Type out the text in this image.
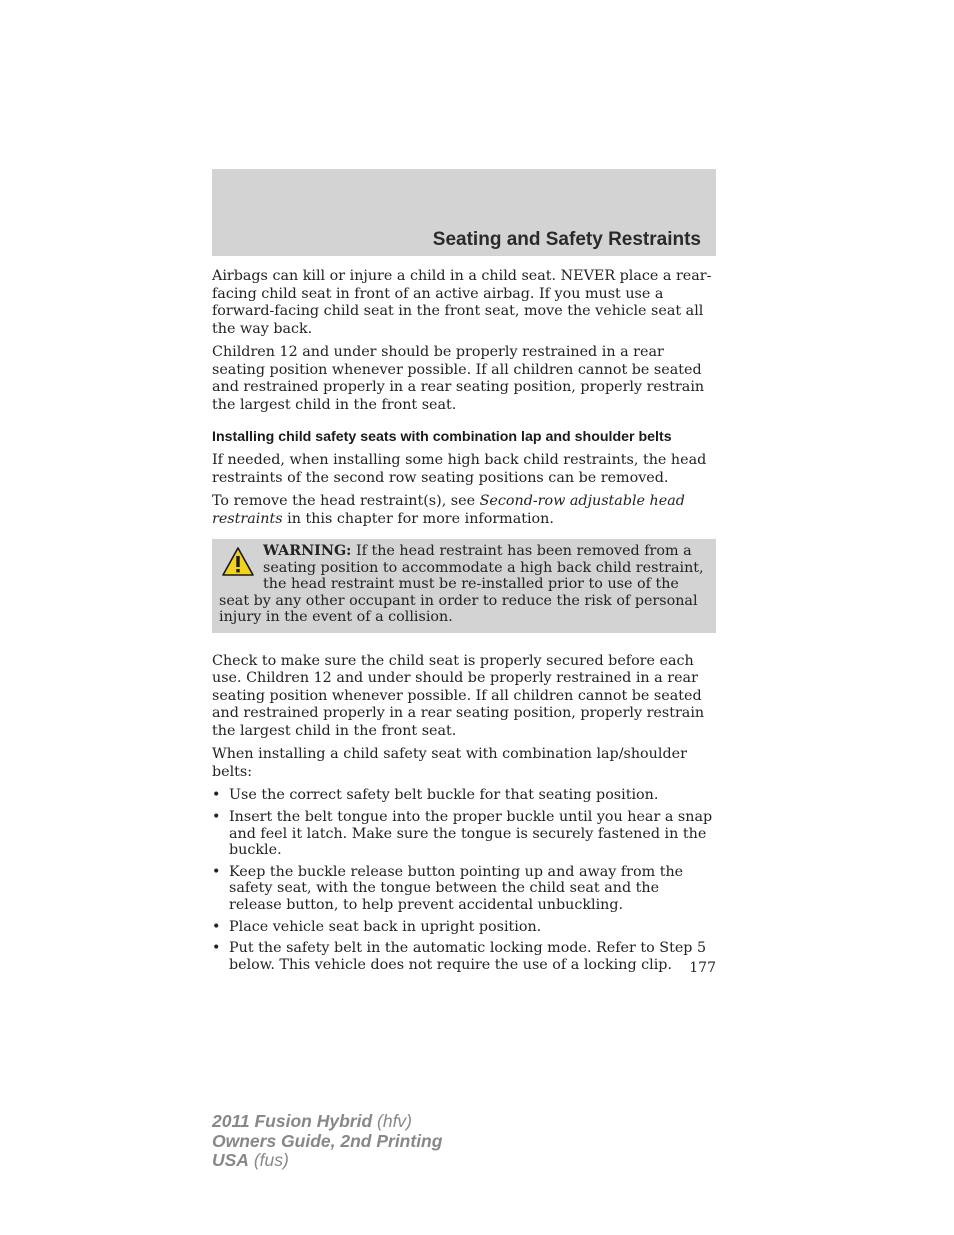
Seating and Safety Restraints

Airbags can kill or injure a child in a child seat. NEVER place a rear-facing child seat in front of an active airbag. If you must use a forward-facing child seat in the front seat, move the vehicle seat all the way back.

Children 12 and under should be properly restrained in a rear seating position whenever possible. If all children cannot be seated and restrained properly in a rear seating position, properly restrain the largest child in the front seat.

Installing child safety seats with combination lap and shoulder belts

If needed, when installing some high back child restraints, the head restraints of the second row seating positions can be removed.

To remove the head restraint(s), see Second-row adjustable head restraints in this chapter for more information.

WARNING: If the head restraint has been removed from a seating position to accommodate a high back child restraint, the head restraint must be re-installed prior to use of the seat by any other occupant in order to reduce the risk of personal injury in the event of a collision.

Check to make sure the child seat is properly secured before each use. Children 12 and under should be properly restrained in a rear seating position whenever possible. If all children cannot be seated and restrained properly in a rear seating position, properly restrain the largest child in the front seat.

When installing a child safety seat with combination lap/shoulder belts:

• Use the correct safety belt buckle for that seating position.
• Insert the belt tongue into the proper buckle until you hear a snap and feel it latch. Make sure the tongue is securely fastened in the buckle.
• Keep the buckle release button pointing up and away from the safety seat, with the tongue between the child seat and the release button, to help prevent accidental unbuckling.
• Place vehicle seat back in upright position.
• Put the safety belt in the automatic locking mode. Refer to Step 5 below. This vehicle does not require the use of a locking clip.	177
2011 Fusion Hybrid (hfv)
Owners Guide, 2nd Printing
USA (fus)
